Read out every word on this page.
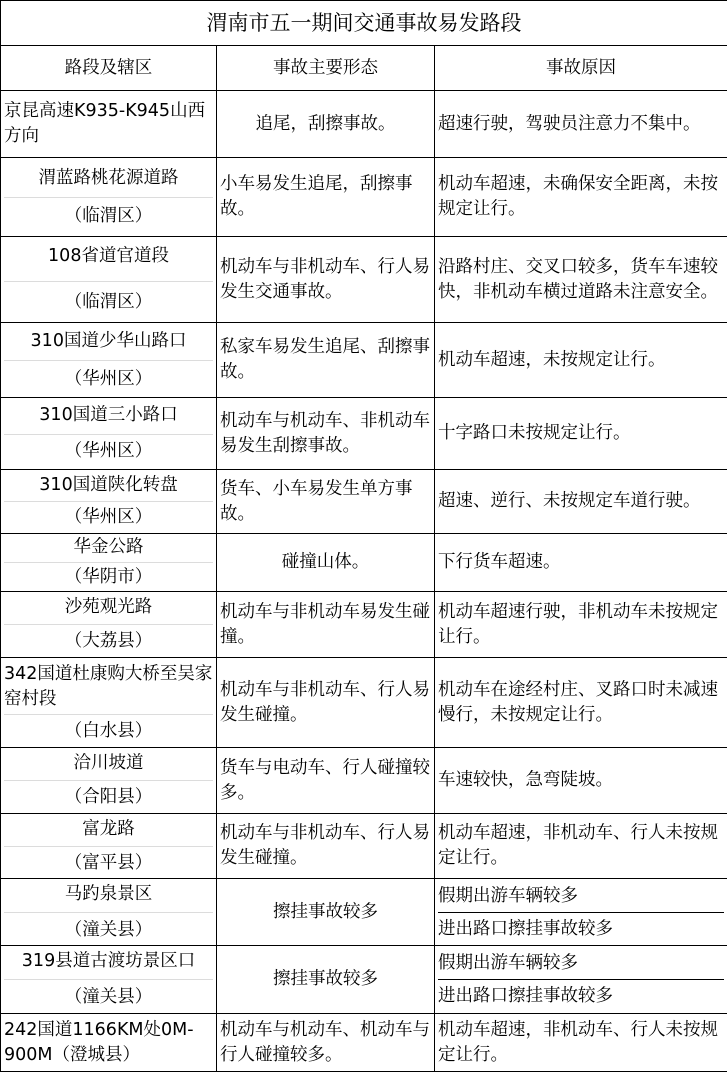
渭南市五一期间交通事故易发路段		
路段及辖区	事故主要形态	事故原因
京昆高速K935-K945山西方向	追尾，刮擦事故。	超速行驶，驾驶员注意力不集中。

渭蓝路桃花源道路
（临渭区）	小车易发生追尾，刮擦事故。	机动车超速，未确保安全距离，未按规定让行。

108省道官道段
（临渭区）	机动车与非机动车、行人易发生交通事故。	沿路村庄、交叉口较多，货车车速较快，非机动车横过道路未注意安全。

310国道少华山路口
（华州区）	私家车易发生追尾、刮擦事故。	机动车超速，未按规定让行。

310国道三小路口
（华州区）	机动车与机动车、非机动车易发生刮擦事故。	十字路口未按规定让行。

310国道陕化转盘
（华州区）	货车、小车易发生单方事故。	超速、逆行、未按规定车道行驶。

华金公路
（华阴市）	碰撞山体。	下行货车超速。

沙苑观光路
（大荔县）	机动车与非机动车易发生碰撞。	机动车超速行驶，非机动车未按规定让行。

342国道杜康购大桥至吴家窑村段
（白水县）	机动车与非机动车、行人易发生碰撞。	机动车在途经村庄、叉路口时未减速慢行，未按规定让行。

洽川坡道
（合阳县）	货车与电动车、行人碰撞较多。	车速较快，急弯陡坡。

富龙路
（富平县）	机动车与非机动车、行人易发生碰撞。	机动车超速，非机动车、行人未按规定让行。

马趵泉景区
（潼关县）	擦挂事故较多	假期出游车辆较多
进出路口擦挂事故较多

319县道古渡坊景区口
（潼关县）	擦挂事故较多	假期出游车辆较多
进出路口擦挂事故较多

242国道1166KM处0M-900M（澄城县）	机动车与机动车、机动车与行人碰撞较多。	机动车超速，非机动车、行人未按规定让行。
